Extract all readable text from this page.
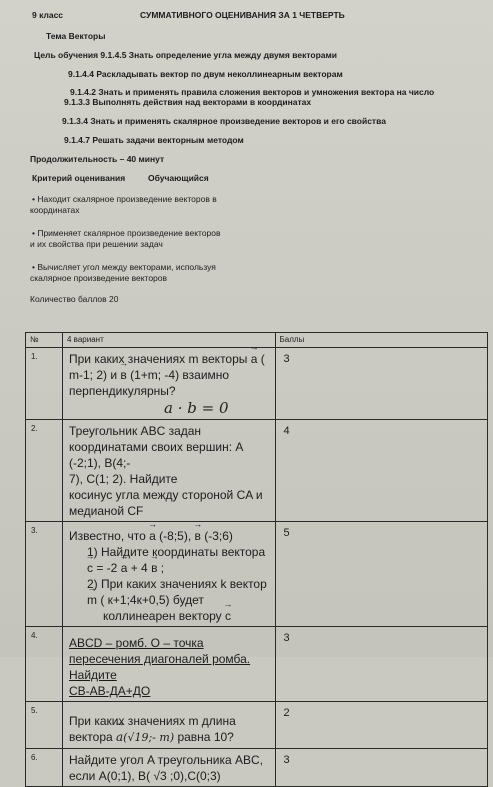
9 класс	СУММАТИВНОГО ОЦЕНИВАНИЯ ЗА 1 ЧЕТВЕРТЬ
Тема Векторы
Цель обучения 9.1.4.5 Знать определение угла между двумя векторами
9.1.4.4 Раскладывать вектор по двум неколлинеарным векторам
9.1.4.2 Знать и применять правила сложения векторов и умножения вектора на число
9.1.3.3 Выполнять действия над векторами в координатах
9.1.3.4 Знать и применять скалярное произведение векторов и его свойства
9.1.4.7 Решать задачи векторным методом
Продолжительность – 40 минут
Критерий оценивания	Обучающийся
• Находит скалярное произведение векторов в
координатах
• Применяет скалярное произведение векторов
и их свойства при решении задач
• Вычисляет угол между векторами, используя
скалярное произведение векторов
Количество баллов 20
№	4 вариант	Баллы
1.	При каких значениях m векторы → a ( m-1; 2) и → в (1+m; -4) взаимно
перпендикулярны?
a · b = 0	3
2.	Треугольник ABC задан координатами своих вершин: A (-2;1), B(4;-
7), C(1; 2). Найдите
косинус угла между стороной CA и медианой CF	4
3.	Известно, что → a (-8;5), → в (-3;6)

1) Найдите координаты вектора → c = -2 → a + 4 → в ;
2) При каких значениях k вектор → m ( к+1;4к+0,5) будет
коллинеарен вектору → c	5
4.	ABCD – ромб. O – точка пересечения диагоналей ромба. Найдите
CB-AB-ДА+ДО	3
5.	При каких значениях m длина вектора → a(√19;- m) равна 10?	2
6.	Найдите угол A треугольника ABC, если A(0;1), B( √3 ;0),C(0;3)	3
